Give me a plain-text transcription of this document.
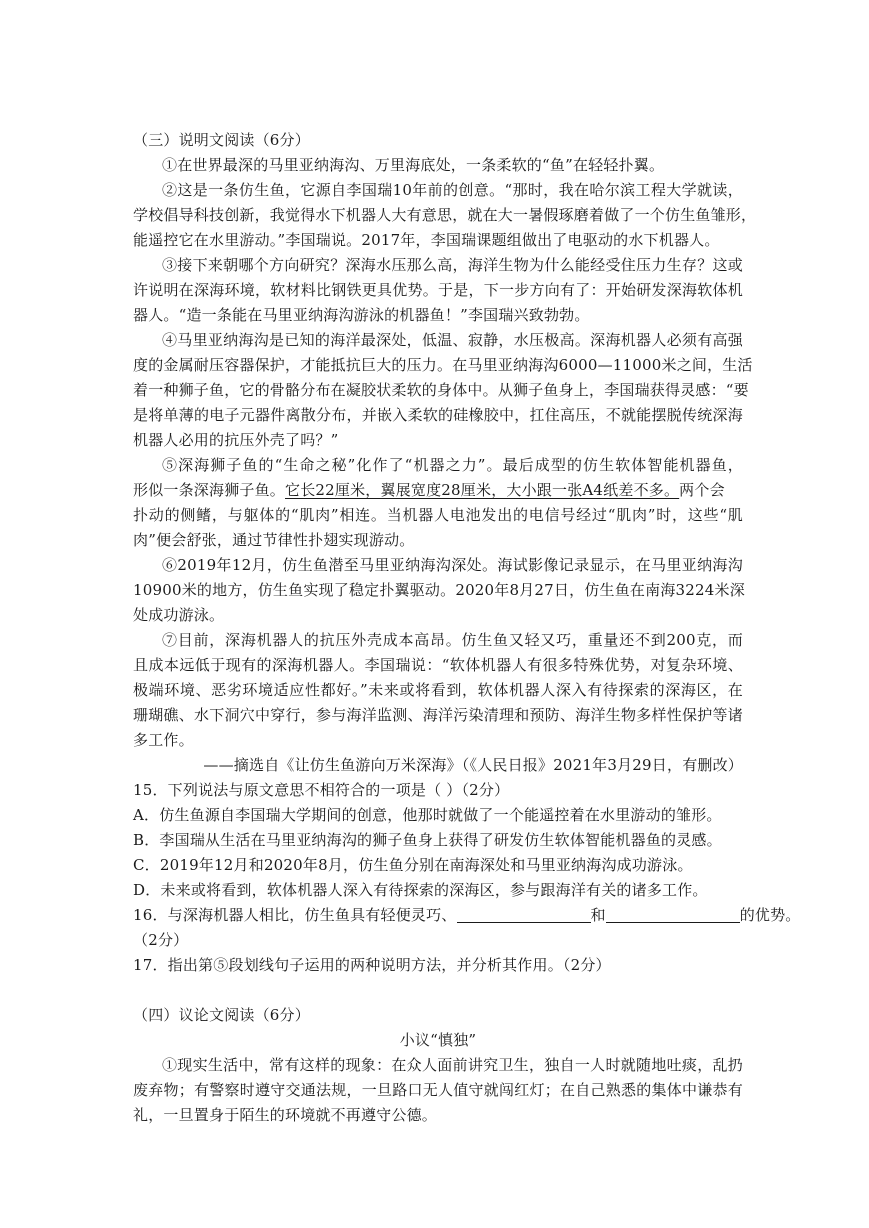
（三）说明文阅读（6分）
①在世界最深的马里亚纳海沟、万里海底处，一条柔软的“鱼”在轻轻扑翼。
②这是一条仿生鱼，它源自李国瑞10年前的创意。“那时，我在哈尔滨工程大学就读，
学校倡导科技创新，我觉得水下机器人大有意思，就在大一暑假琢磨着做了一个仿生鱼雏形，
能遥控它在水里游动。”李国瑞说。2017年，李国瑞课题组做出了电驱动的水下机器人。
③接下来朝哪个方向研究？深海水压那么高，海洋生物为什么能经受住压力生存？这或
许说明在深海环境，软材料比钢铁更具优势。于是，下一步方向有了：开始研发深海软体机
器人。“造一条能在马里亚纳海沟游泳的机器鱼！”李国瑞兴致勃勃。
④马里亚纳海沟是已知的海洋最深处，低温、寂静，水压极高。深海机器人必须有高强
度的金属耐压容器保护，才能抵抗巨大的压力。在马里亚纳海沟6000—11000米之间，生活
着一种狮子鱼，它的骨骼分布在凝胶状柔软的身体中。从狮子鱼身上，李国瑞获得灵感：“要
是将单薄的电子元器件离散分布，并嵌入柔软的硅橡胶中，扛住高压，不就能摆脱传统深海
机器人必用的抗压外壳了吗？”
⑤深海狮子鱼的“生命之秘”化作了“机器之力”。最后成型的仿生软体智能机器鱼，
形似一条深海狮子鱼。它长22厘米，翼展宽度28厘米，大小跟一张A4纸差不多。两个会
扑动的侧鳍，与躯体的“肌肉”相连。当机器人电池发出的电信号经过“肌肉”时，这些“肌
肉”便会舒张，通过节律性扑翅实现游动。
⑥2019年12月，仿生鱼潜至马里亚纳海沟深处。海试影像记录显示，在马里亚纳海沟
10900米的地方，仿生鱼实现了稳定扑翼驱动。2020年8月27日，仿生鱼在南海3224米深
处成功游泳。
⑦目前，深海机器人的抗压外壳成本高昂。仿生鱼又轻又巧，重量还不到200克，而
且成本远低于现有的深海机器人。李国瑞说：“软体机器人有很多特殊优势，对复杂环境、
极端环境、恶劣环境适应性都好。”未来或将看到，软体机器人深入有待探索的深海区，在
珊瑚礁、水下洞穴中穿行，参与海洋监测、海洋污染清理和预防、海洋生物多样性保护等诸
多工作。
——摘选自《让仿生鱼游向万米深海》（《人民日报》2021年3月29日，有删改）
15．下列说法与原文意思不相符合的一项是（ ）（2分）
A．仿生鱼源自李国瑞大学期间的创意，他那时就做了一个能遥控着在水里游动的雏形。
B．李国瑞从生活在马里亚纳海沟的狮子鱼身上获得了研发仿生软体智能机器鱼的灵感。
C．2019年12月和2020年8月，仿生鱼分别在南海深处和马里亚纳海沟成功游泳。
D．未来或将看到，软体机器人深入有待探索的深海区，参与跟海洋有关的诸多工作。
16．与深海机器人相比，仿生鱼具有轻便灵巧、	和	的优势。
（2分）
17．指出第⑤段划线句子运用的两种说明方法，并分析其作用。（2分）
（四）议论文阅读（6分）
小议“慎独”
①现实生活中，常有这样的现象：在众人面前讲究卫生，独自一人时就随地吐痰，乱扔
废弃物；有警察时遵守交通法规，一旦路口无人值守就闯红灯；在自己熟悉的集体中谦恭有
礼，一旦置身于陌生的环境就不再遵守公德。
